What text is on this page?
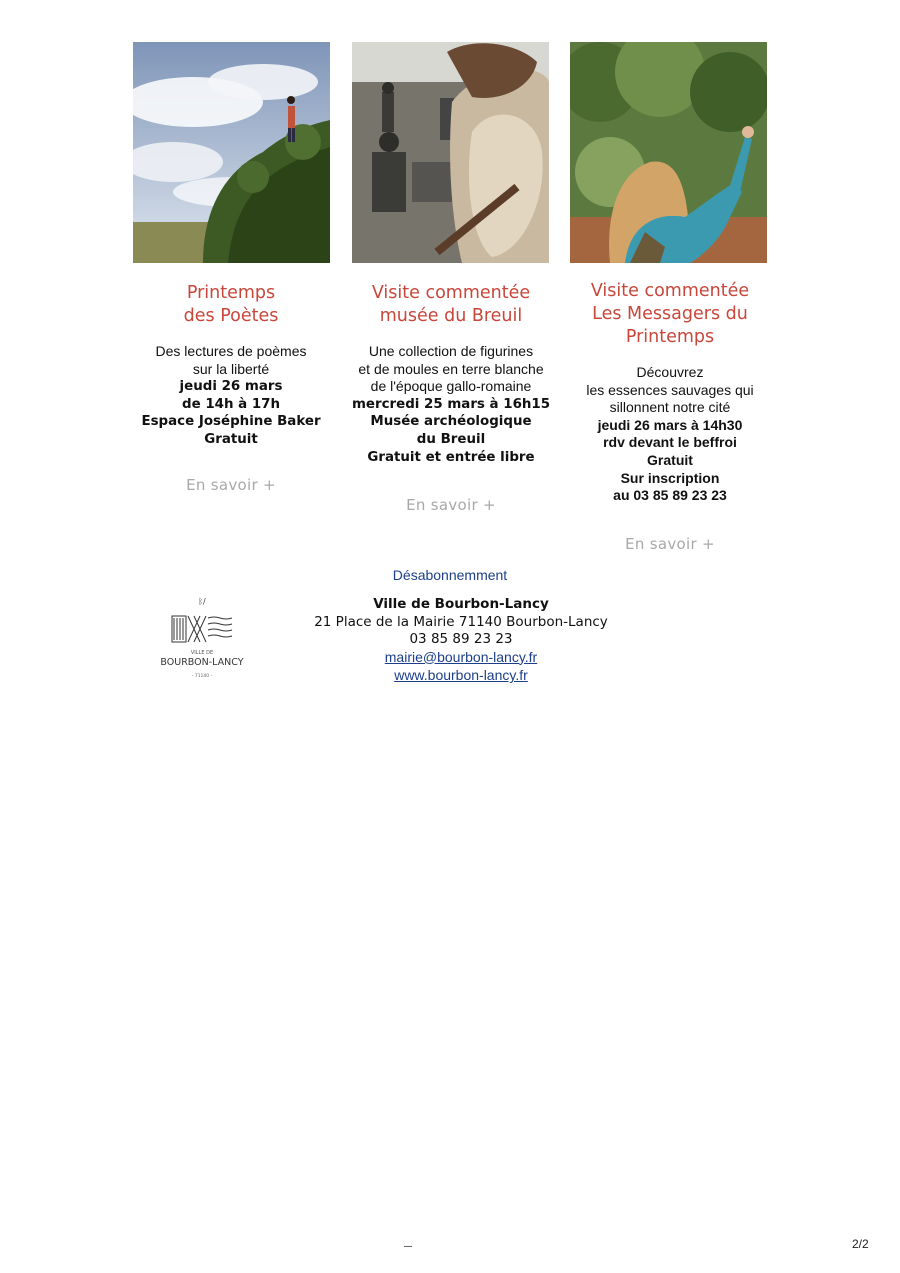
Printemps
des Poètes
Des lectures de poèmes
sur la liberté
jeudi 26 mars
de 14h à 17h
Espace Joséphine Baker
Gratuit
En savoir +
Visite commentée
musée du Breuil
Une collection de figurines
et de moules en terre blanche
de l'époque gallo-romaine
mercredi 25 mars à 16h15
Musée archéologique
du Breuil
Gratuit et entrée libre
En savoir +
Visite commentée
Les Messagers du
Printemps
Découvrez
les essences sauvages qui
sillonnent notre cité
jeudi 26 mars à 14h30
rdv devant le beffroi
Gratuit
Sur inscription
au 03 85 89 23 23
En savoir +
Désabonnemment
ᛒ/
VILLE DE
BOURBON-LANCY
- 71140 -
Ville de Bourbon-Lancy
21 Place de la Mairie 71140 Bourbon-Lancy
03 85 89 23 23
mairie@bourbon-lancy.fr
www.bourbon-lancy.fr
2/2
